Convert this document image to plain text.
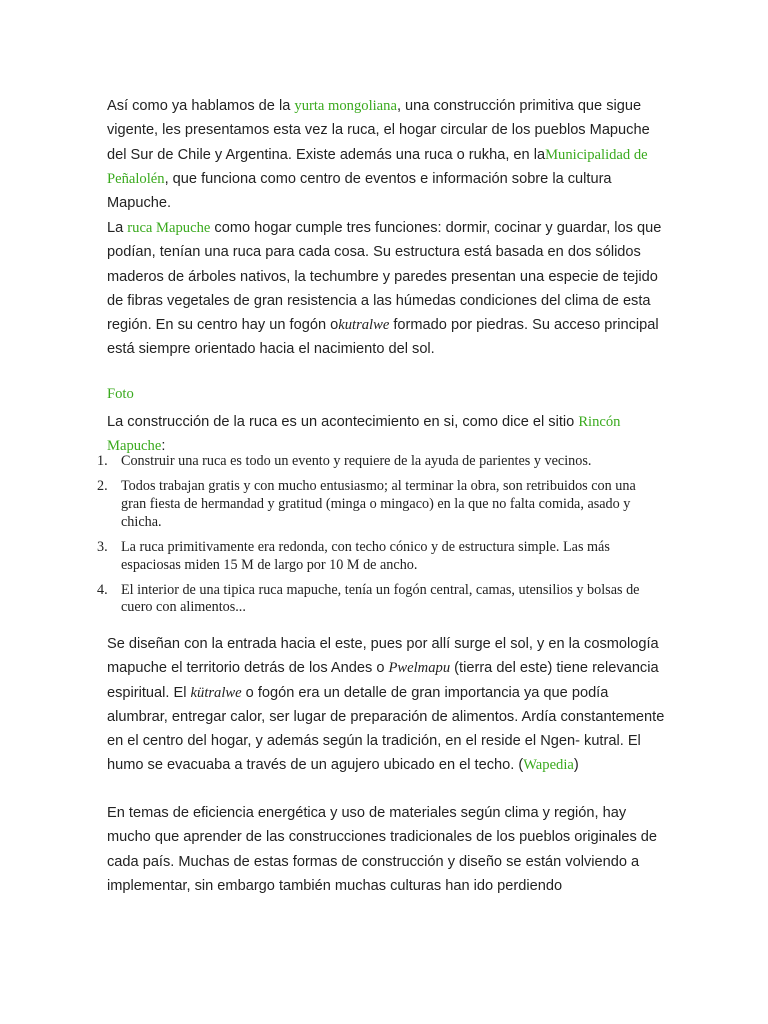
Así como ya hablamos de la yurta mongoliana, una construcción primitiva que sigue vigente, les presentamos esta vez la ruca, el hogar circular de los pueblos Mapuche del Sur de Chile y Argentina. Existe además una ruca o rukha, en laMunicipalidad de Peñalolén, que funciona como centro de eventos e información sobre la cultura Mapuche.

La ruca Mapuche como hogar cumple tres funciones: dormir, cocinar y guardar, los que podían, tenían una ruca para cada cosa. Su estructura está basada en dos sólidos maderos de árboles nativos, la techumbre y paredes presentan una especie de tejido de fibras vegetales de gran resistencia a las húmedas condiciones del clima de esta región. En su centro hay un fogón okutralwe formado por piedras. Su acceso principal está siempre orientado hacia el nacimiento del sol.

Foto

La construcción de la ruca es un acontecimiento en si, como dice el sitio Rincón Mapuche:

1. Construir una ruca es todo un evento y requiere de la ayuda de parientes y vecinos.
2. Todos trabajan gratis y con mucho entusiasmo; al terminar la obra, son retribuidos con una gran fiesta de hermandad y gratitud (minga o mingaco) en la que no falta comida, asado y chicha.
3. La ruca primitivamente era redonda, con techo cónico y de estructura simple. Las más espaciosas miden 15 M de largo por 10 M de ancho.
4. El interior de una tipica ruca mapuche, tenía un fogón central, camas, utensilios y bolsas de cuero con alimentos...

Se diseñan con la entrada hacia el este, pues por allí surge el sol, y en la cosmología mapuche el territorio detrás de los Andes o Pwelmapu (tierra del este) tiene relevancia espiritual. El kütralwe o fogón era un detalle de gran importancia ya que podía alumbrar, entregar calor, ser lugar de preparación de alimentos. Ardía constantemente en el centro del hogar, y además según la tradición, en el reside el Ngen- kutral. El humo se evacuaba a través de un agujero ubicado en el techo. (Wapedia)

En temas de eficiencia energética y uso de materiales según clima y región, hay mucho que aprender de las construcciones tradicionales de los pueblos originales de cada país. Muchas de estas formas de construcción y diseño se están volviendo a implementar, sin embargo también muchas culturas han ido perdiendo
